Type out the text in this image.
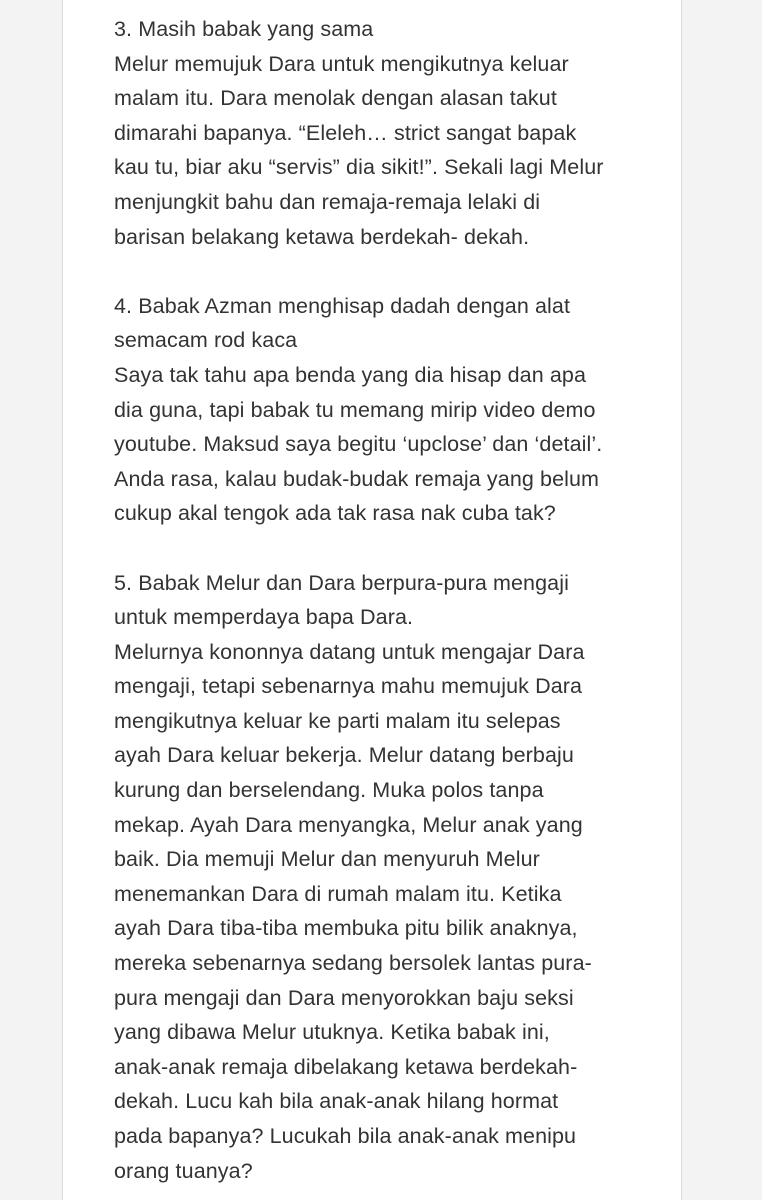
3. Masih babak yang sama
Melur memujuk Dara untuk mengikutnya keluar
malam itu. Dara menolak dengan alasan takut
dimarahi bapanya. “Eleleh… strict sangat bapak
kau tu, biar aku “servis” dia sikit!”. Sekali lagi Melur
menjungkit bahu dan remaja-remaja lelaki di
barisan belakang ketawa berdekah- dekah.

4. Babak Azman menghisap dadah dengan alat
semacam rod kaca
Saya tak tahu apa benda yang dia hisap dan apa
dia guna, tapi babak tu memang mirip video demo
youtube. Maksud saya begitu ‘upclose’ dan ‘detail’.
Anda rasa, kalau budak-budak remaja yang belum
cukup akal tengok ada tak rasa nak cuba tak?

5. Babak Melur dan Dara berpura-pura mengaji
untuk memperdaya bapa Dara.
Melurnya kononnya datang untuk mengajar Dara
mengaji, tetapi sebenarnya mahu memujuk Dara
mengikutnya keluar ke parti malam itu selepas
ayah Dara keluar bekerja. Melur datang berbaju
kurung dan berselendang. Muka polos tanpa
mekap. Ayah Dara menyangka, Melur anak yang
baik. Dia memuji Melur dan menyuruh Melur
menemankan Dara di rumah malam itu. Ketika
ayah Dara tiba-tiba membuka pitu bilik anaknya,
mereka sebenarnya sedang bersolek lantas pura-
pura mengaji dan Dara menyorokkan baju seksi
yang dibawa Melur utuknya. Ketika babak ini,
anak-anak remaja dibelakang ketawa berdekah-
dekah. Lucu kah bila anak-anak hilang hormat
pada bapanya? Lucukah bila anak-anak menipu
orang tuanya?
